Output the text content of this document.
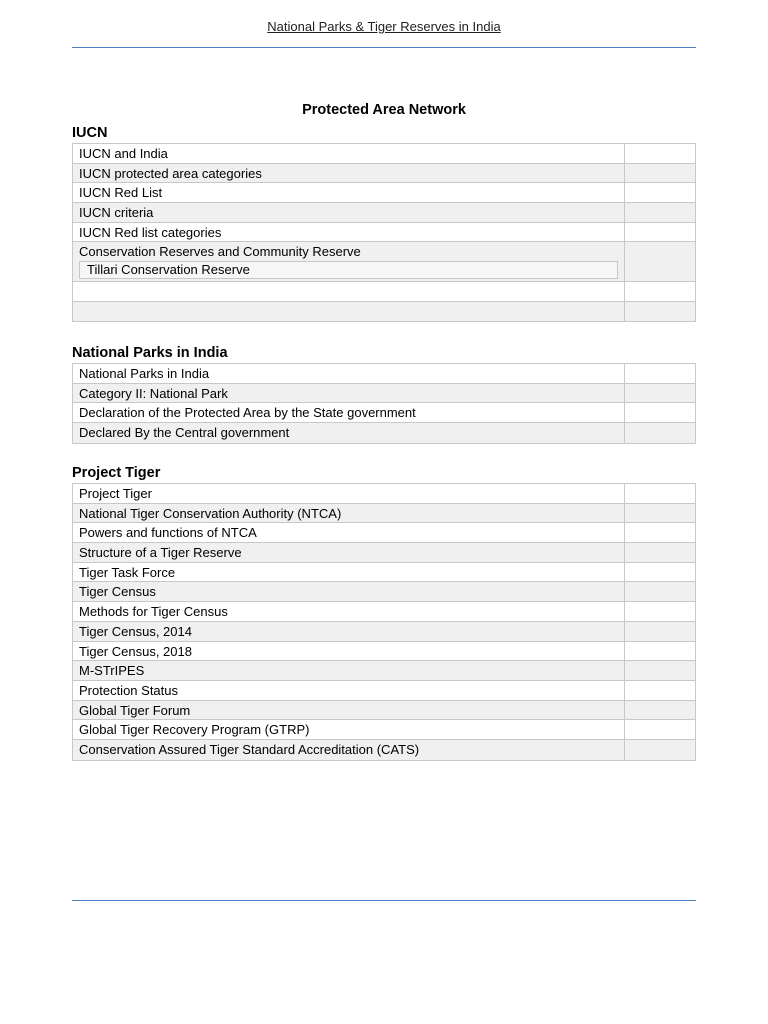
National Parks & Tiger Reserves in India
Protected Area Network
IUCN
IUCN and India
IUCN protected area categories
IUCN Red List
IUCN criteria
IUCN Red list categories
Conservation Reserves and Community Reserve
Tillari Conservation Reserve
National Parks in India
National Parks in India
Category II: National Park
Declaration of the Protected Area by the State government
Declared By the Central government
Project Tiger
Project Tiger
National Tiger Conservation Authority (NTCA)
Powers and functions of NTCA
Structure of a Tiger Reserve
Tiger Task Force
Tiger Census
Methods for Tiger Census
Tiger Census, 2014
Tiger Census, 2018
M-STrIPES
Protection Status
Global Tiger Forum
Global Tiger Recovery Program (GTRP)
Conservation Assured Tiger Standard Accreditation (CATS)
